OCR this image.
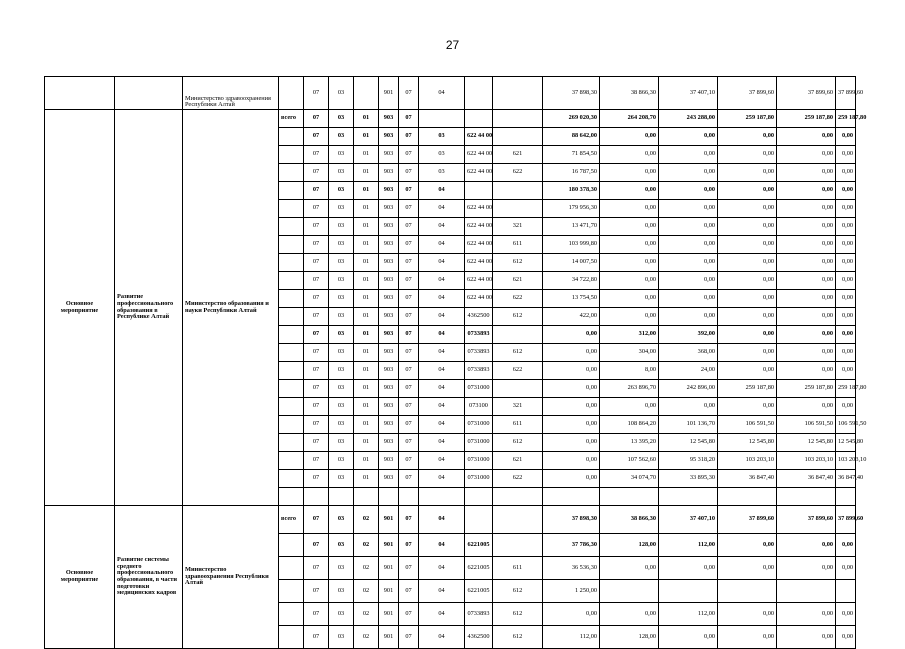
27
		Министерство здравоохранения Республики Алтай		07	03		901	07	04			37 898,30	38 866,30	37 407,10	37 899,60	37 899,60	37 899,60
Основное мероприятие	Развитие профессионального образования в Республике Алтай	Министерство образования и науки Республики Алтай	всего	07	03	01	903	07				269 020,30	264 208,70	243 288,00	259 187,80	259 187,80	259 187,80
				07	03	01	903	07	03	622 44 00		88 642,00	0,00	0,00	0,00	0,00	0,00
				07	03	01	903	07	03	622 44 00	621	71 854,50	0,00	0,00	0,00	0,00	0,00
				07	03	01	903	07	03	622 44 00	622	16 787,50	0,00	0,00	0,00	0,00	0,00
				07	03	01	903	07	04			180 378,30	0,00	0,00	0,00	0,00	0,00
				07	03	01	903	07	04	622 44 00		179 956,30	0,00	0,00	0,00	0,00	0,00
				07	03	01	903	07	04	622 44 00	321	13 471,70	0,00	0,00	0,00	0,00	0,00
				07	03	01	903	07	04	622 44 00	611	103 999,80	0,00	0,00	0,00	0,00	0,00
				07	03	01	903	07	04	622 44 00	612	14 007,50	0,00	0,00	0,00	0,00	0,00
				07	03	01	903	07	04	622 44 00	621	34 722,80	0,00	0,00	0,00	0,00	0,00
				07	03	01	903	07	04	622 44 00	622	13 754,50	0,00	0,00	0,00	0,00	0,00
				07	03	01	903	07	04	4362500	612	422,00	0,00	0,00	0,00	0,00	0,00
				07	03	01	903	07	04	0733893		0,00	312,00	392,00	0,00	0,00	0,00
				07	03	01	903	07	04	0733893	612	0,00	304,00	368,00	0,00	0,00	0,00
				07	03	01	903	07	04	0733893	622	0,00	8,00	24,00	0,00	0,00	0,00
				07	03	01	903	07	04	0731000		0,00	263 896,70	242 896,00	259 187,80	259 187,80	259 187,80
				07	03	01	903	07	04	073100	321	0,00	0,00	0,00	0,00	0,00	0,00
				07	03	01	903	07	04	0731000	611	0,00	108 864,20	101 136,70	106 591,50	106 591,50	106 591,50
				07	03	01	903	07	04	0731000	612	0,00	13 395,20	12 545,80	12 545,80	12 545,80	12 545,80
				07	03	01	903	07	04	0731000	621	0,00	107 562,60	95 318,20	103 203,10	103 203,10	103 203,10
				07	03	01	903	07	04	0731000	622	0,00	34 074,70	33 895,30	36 847,40	36 847,40	36 847,40

Основное мероприятие	Развитие системы среднего профессионального образования, в части подготовки медицинских кадров	Министерство здравоохранения Республики Алтай	всего	07	03	02	901	07	04			37 898,30	38 866,30	37 407,10	37 899,60	37 899,60	37 899,60
				07	03	02	901	07	04	6221005		37 786,30	128,00	112,00	0,00	0,00	0,00
				07	03	02	901	07	04	6221005	611	36 536,30	0,00	0,00	0,00	0,00	0,00
				07	03	02	901	07	04	6221005	612	1 250,00					
				07	03	02	901	07	04	0733893	612	0,00	0,00	112,00	0,00	0,00	0,00
				07	03	02	901	07	04	4362500	612	112,00	128,00	0,00	0,00	0,00	0,00
